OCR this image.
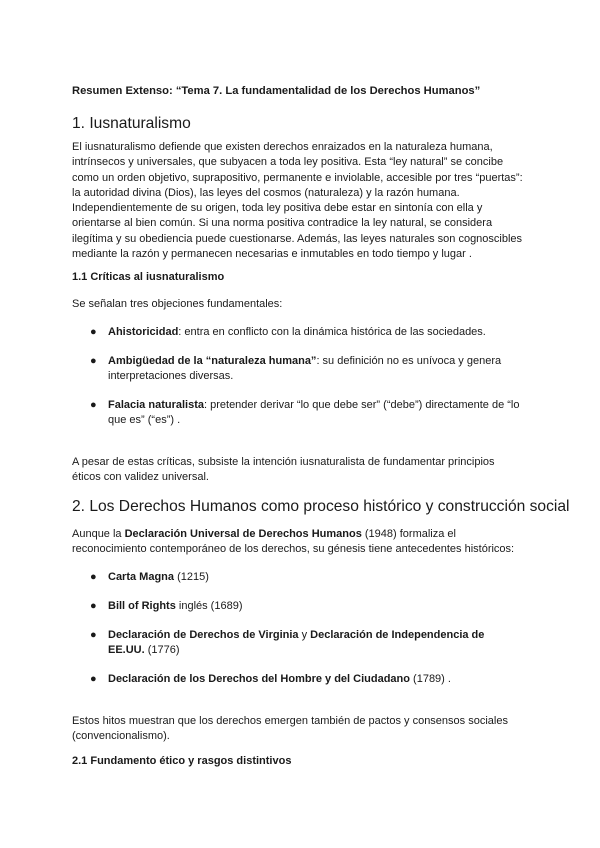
Resumen Extenso: “Tema 7. La fundamentalidad de los Derechos Humanos”
1. Iusnaturalismo
El iusnaturalismo defiende que existen derechos enraizados en la naturaleza humana,
intrínsecos y universales, que subyacen a toda ley positiva. Esta “ley natural” se concibe
como un orden objetivo, suprapositivo, permanente e inviolable, accesible por tres “puertas”:
la autoridad divina (Dios), las leyes del cosmos (naturaleza) y la razón humana.
Independientemente de su origen, toda ley positiva debe estar en sintonía con ella y
orientarse al bien común. Si una norma positiva contradice la ley natural, se considera
ilegítima y su obediencia puede cuestionarse. Además, las leyes naturales son cognoscibles
mediante la razón y permanecen necesarias e inmutables en todo tiempo y lugar .
1.1 Críticas al iusnaturalismo
Se señalan tres objeciones fundamentales:
●	Ahistoricidad: entra en conflicto con la dinámica histórica de las sociedades.
●	Ambigüedad de la “naturaleza humana”: su definición no es unívoca y genera
interpretaciones diversas.
●	Falacia naturalista: pretender derivar “lo que debe ser” (“debe”) directamente de “lo
que es” (“es”) .
A pesar de estas críticas, subsiste la intención iusnaturalista de fundamentar principios
éticos con validez universal.
2. Los Derechos Humanos como proceso histórico y construcción social
Aunque la Declaración Universal de Derechos Humanos (1948) formaliza el
reconocimiento contemporáneo de los derechos, su génesis tiene antecedentes históricos:
●	Carta Magna (1215)
●	Bill of Rights inglés (1689)
●	Declaración de Derechos de Virginia y Declaración de Independencia de
EE.UU. (1776)
●	Declaración de los Derechos del Hombre y del Ciudadano (1789) .
Estos hitos muestran que los derechos emergen también de pactos y consensos sociales
(convencionalismo).
2.1 Fundamento ético y rasgos distintivos
